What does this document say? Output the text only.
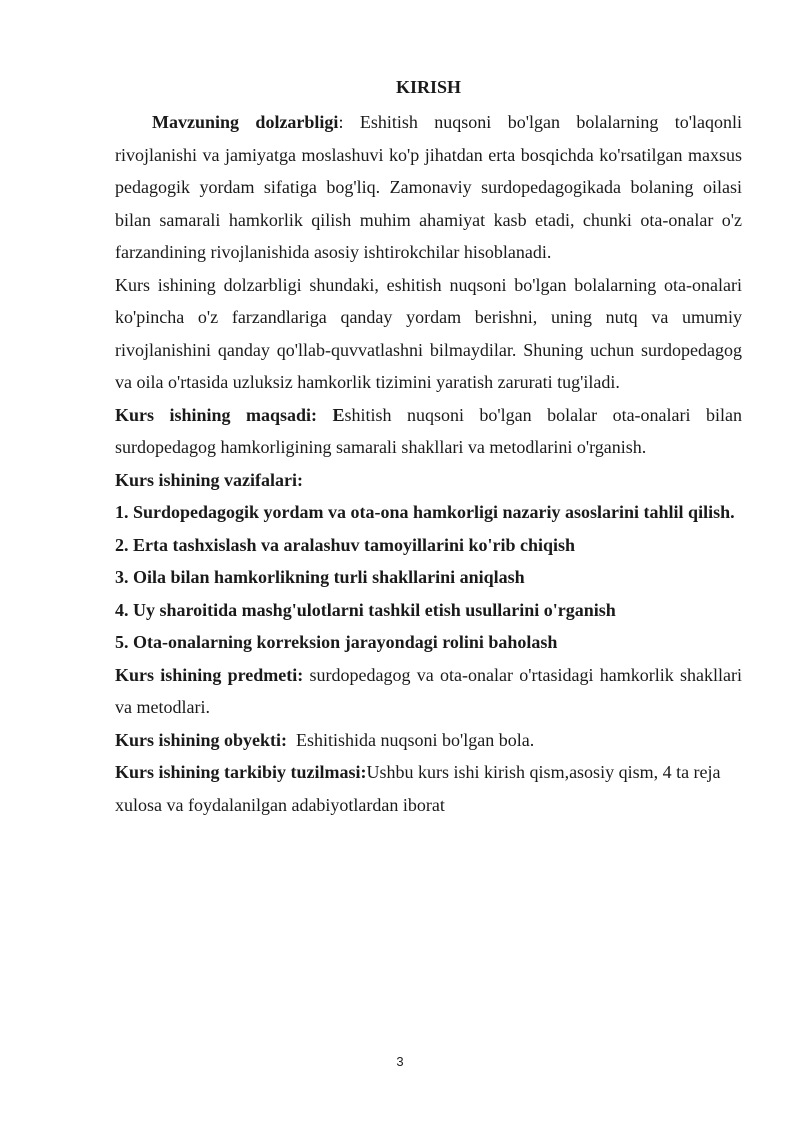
KIRISH

Mavzuning dolzarbligi: Eshitish nuqsoni bo'lgan bolalarning to'laqonli rivojlanishi va jamiyatga moslashuvi ko'p jihatdan erta bosqichda ko'rsatilgan maxsus pedagogik yordam sifatiga bog'liq. Zamonaviy surdopedagogikada bolaning oilasi bilan samarali hamkorlik qilish muhim ahamiyat kasb etadi, chunki ota-onalar o'z farzandining rivojlanishida asosiy ishtirokchilar hisoblanadi.

Kurs ishining dolzarbligi shundaki, eshitish nuqsoni bo'lgan bolalarning ota-onalari ko'pincha o'z farzandlariga qanday yordam berishni, uning nutq va umumiy rivojlanishini qanday qo'llab-quvvatlashni bilmaydilar. Shuning uchun surdopedagog va oila o'rtasida uzluksiz hamkorlik tizimini yaratish zarurati tug'iladi.

Kurs ishining maqsadi: Eshitish nuqsoni bo'lgan bolalar ota-onalari bilan surdopedagog hamkorligining samarali shakllari va metodlarini o'rganish.

Kurs ishining vazifalari:

1. Surdopedagogik yordam va ota-ona hamkorligi nazariy asoslarini tahlil qilish.

2. Erta tashxislash va aralashuv tamoyillarini ko'rib chiqish

3. Oila bilan hamkorlikning turli shakllarini aniqlash

4. Uy sharoitida mashg'ulotlarni tashkil etish usullarini o'rganish

5. Ota-onalarning korreksion jarayondagi rolini baholash

Kurs ishining predmeti: surdopedagog va ota-onalar o'rtasidagi hamkorlik shakllari va metodlari.

Kurs ishining obyekti:  Eshitishida nuqsoni bo'lgan bola.

Kurs ishining tarkibiy tuzilmasi:Ushbu kurs ishi kirish qism,asosiy qism, 4 ta reja xulosa va foydalanilgan adabiyotlardan iborat

3
